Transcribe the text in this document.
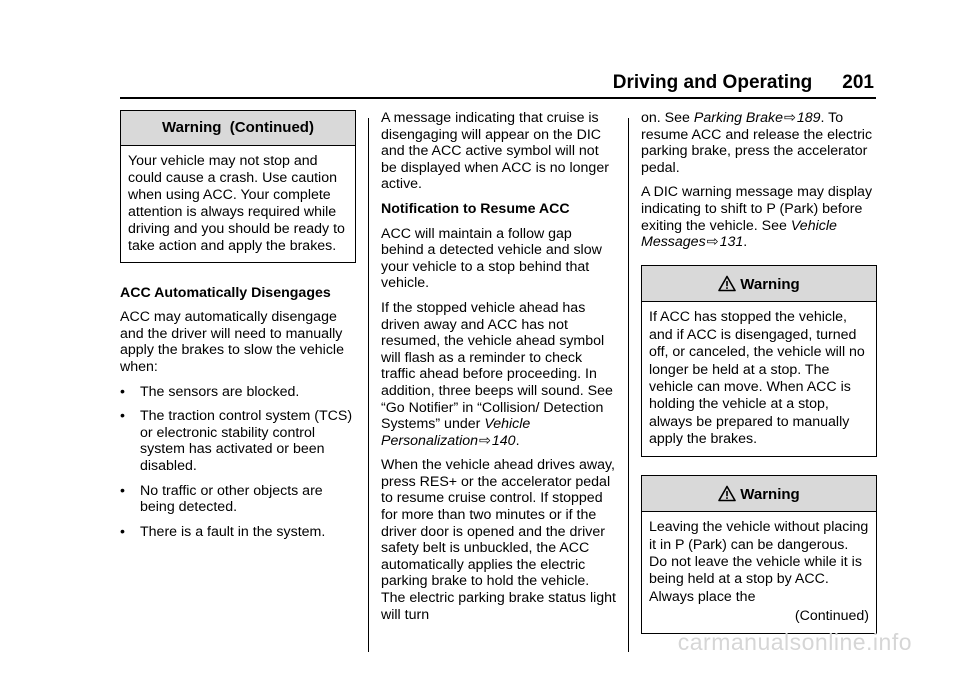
Driving and Operating 201
Warning  (Continued)
Your vehicle may not stop and could cause a crash. Use caution when using ACC. Your complete attention is always required while driving and you should be ready to take action and apply the brakes.

ACC Automatically Disengages

ACC may automatically disengage and the driver will need to manually apply the brakes to slow the vehicle when:

•	The sensors are blocked.
•	The traction control system (TCS) or electronic stability control system has activated or been disabled.
•	No traffic or other objects are being detected.
•	There is a fault in the system.

A message indicating that cruise is disengaging will appear on the DIC and the ACC active symbol will not be displayed when ACC is no longer active.

Notification to Resume ACC

ACC will maintain a follow gap behind a detected vehicle and slow your vehicle to a stop behind that vehicle.

If the stopped vehicle ahead has driven away and ACC has not resumed, the vehicle ahead symbol will flash as a reminder to check traffic ahead before proceeding. In addition, three beeps will sound. See “Go Notifier” in “Collision/ Detection Systems” under Vehicle Personalization⇨140.

When the vehicle ahead drives away, press RES+ or the accelerator pedal to resume cruise control. If stopped for more than two minutes or if the driver door is opened and the driver safety belt is unbuckled, the ACC automatically applies the electric parking brake to hold the vehicle. The electric parking brake status light will turn

on. See Parking Brake⇨189. To resume ACC and release the electric parking brake, press the accelerator pedal.

A DIC warning message may display indicating to shift to P (Park) before exiting the vehicle. See Vehicle Messages⇨131.

Warning
If ACC has stopped the vehicle, and if ACC is disengaged, turned off, or canceled, the vehicle will no longer be held at a stop. The vehicle can move. When ACC is holding the vehicle at a stop, always be prepared to manually apply the brakes.
Warning
Leaving the vehicle without placing it in P (Park) can be dangerous. Do not leave the vehicle while it is being held at a stop by ACC. Always place the
(Continued)
carmanualsonline.info
